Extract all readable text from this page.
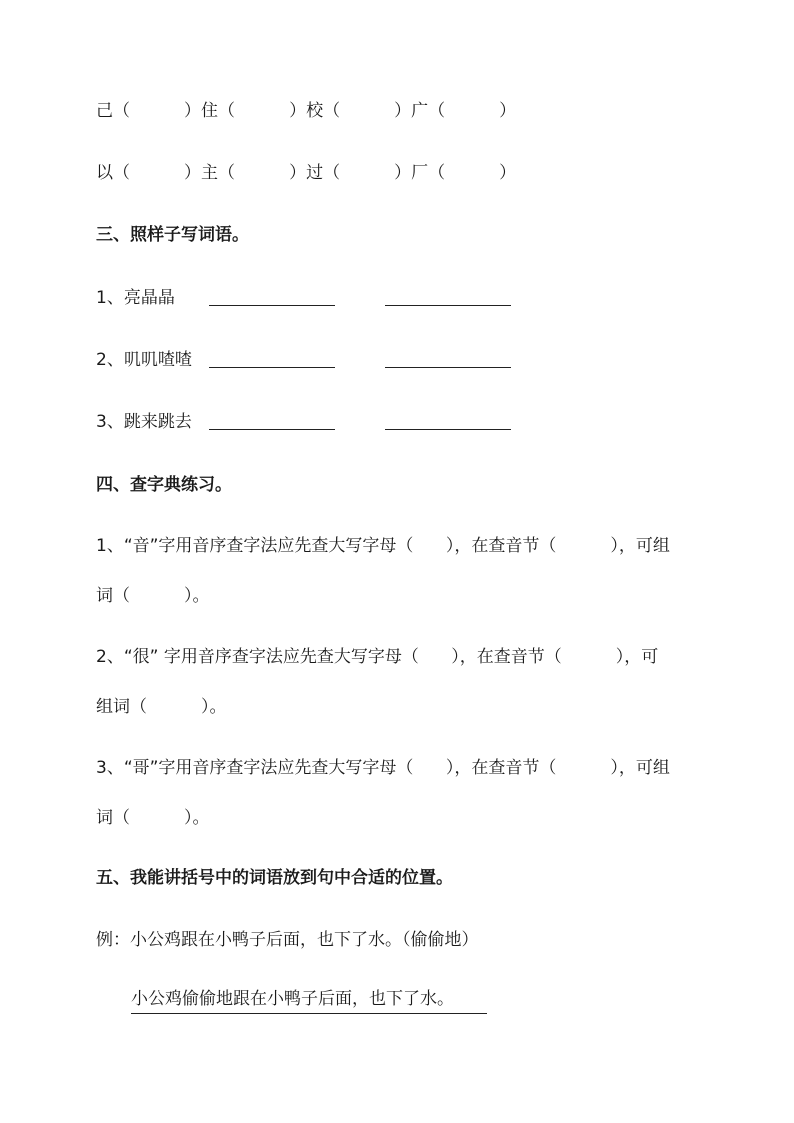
己（          ）住（          ）校（          ）广（          ）
以（          ）主（          ）过（          ）厂（          ）
三、照样子写词语。
1、亮晶晶
2、叽叽喳喳
3、跳来跳去
四、查字典练习。
1、“音”字用音序查字法应先查大写字母（      ），在查音节（          ），可组
词（          ）。
2、“很” 字用音序查字法应先查大写字母（      ），在查音节（          ），可
组词（          ）。
3、“哥”字用音序查字法应先查大写字母（      ），在查音节（          ），可组
词（          ）。
五、我能讲括号中的词语放到句中合适的位置。
例：小公鸡跟在小鸭子后面，也下了水。（偷偷地）
小公鸡偷偷地跟在小鸭子后面，也下了水。
